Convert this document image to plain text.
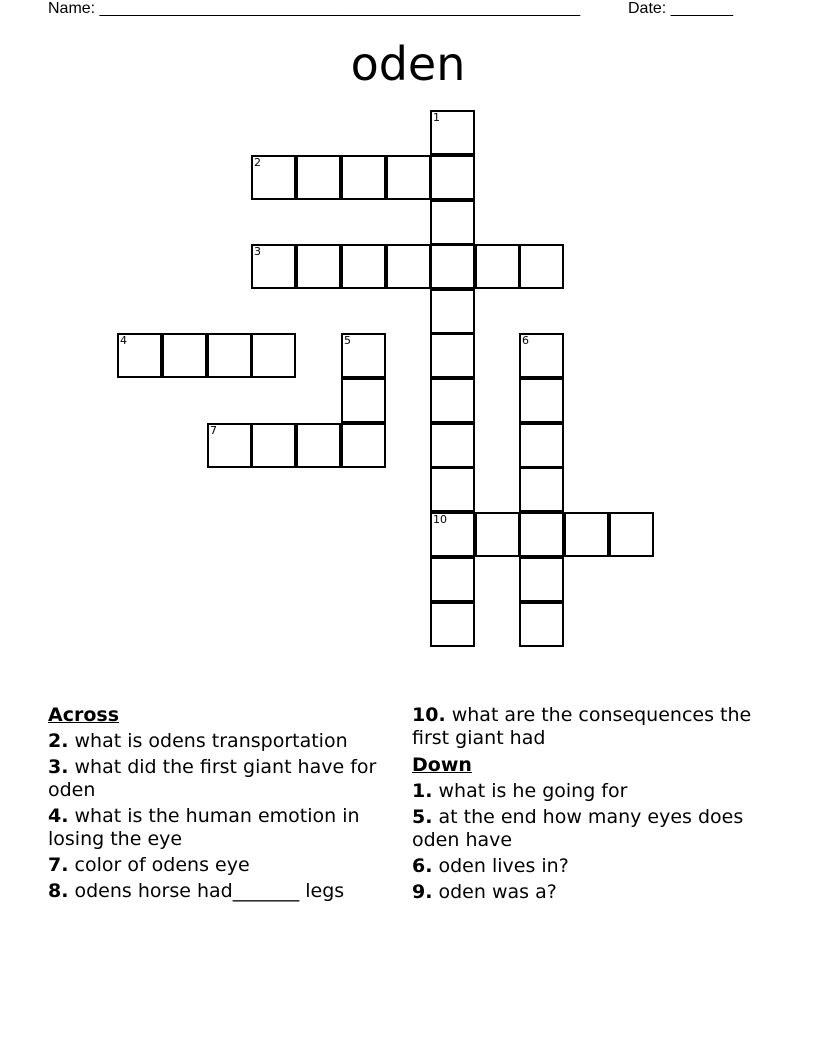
Name: ______________________________________________________	Date: _______
oden
1
10
2
3
4	5
7
6
Across
2. what is odens transportation
3. what did the first giant have for oden
4. what is the human emotion in losing the eye
7. color of odens eye
8. odens horse had_______ legs
10. what are the consequences the first giant had
Down
1. what is he going for
5. at the end how many eyes does oden have
6. oden lives in?
9. oden was a?
